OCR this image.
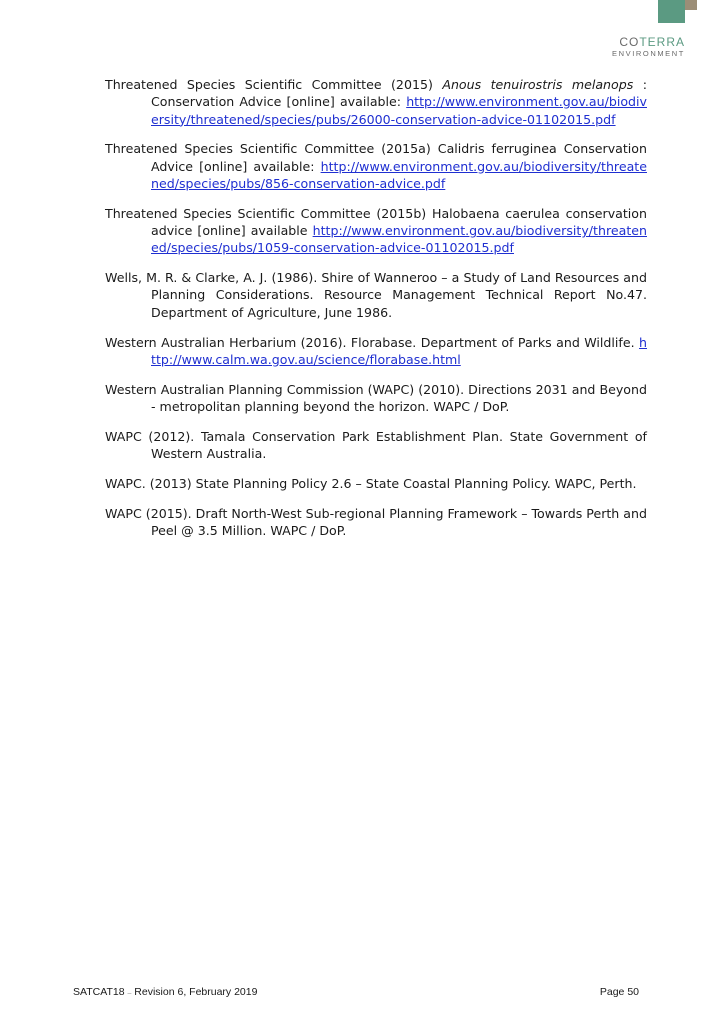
COTERRA
ENVIRONMENT

Threatened Species Scientific Committee (2015) Anous tenuirostris melanops : Conservation Advice [online] available: http://www.environment.gov.au/biodiversity/threatened/species/pubs/26000-conservation-advice-01102015.pdf

Threatened Species Scientific Committee (2015a) Calidris ferruginea Conservation Advice [online] available: http://www.environment.gov.au/biodiversity/threatened/species/pubs/856-conservation-advice.pdf

Threatened Species Scientific Committee (2015b) Halobaena caerulea conservation advice [online] available http://www.environment.gov.au/biodiversity/threatened/species/pubs/1059-conservation-advice-01102015.pdf

Wells, M. R. & Clarke, A. J. (1986). Shire of Wanneroo – a Study of Land Resources and Planning Considerations. Resource Management Technical Report No.47. Department of Agriculture, June 1986.

Western Australian Herbarium (2016). Florabase. Department of Parks and Wildlife. http://www.calm.wa.gov.au/science/florabase.html

Western Australian Planning Commission (WAPC) (2010). Directions 2031 and Beyond - metropolitan planning beyond the horizon. WAPC / DoP.

WAPC (2012). Tamala Conservation Park Establishment Plan. State Government of Western Australia.

WAPC. (2013) State Planning Policy 2.6 – State Coastal Planning Policy. WAPC, Perth.

WAPC (2015). Draft North-West Sub-regional Planning Framework – Towards Perth and Peel @ 3.5 Million. WAPC / DoP.

SATCAT18 – Revision 6, February 2019	Page 50
